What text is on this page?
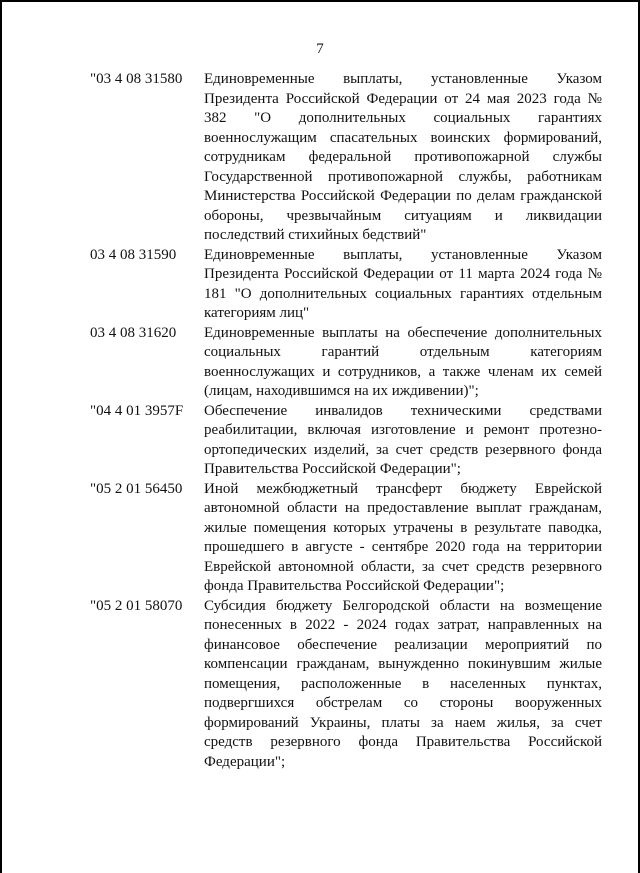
7
"03 4 08 31580	Единовременные выплаты, установленные Указом Президента Российской Федерации от 24 мая 2023 года № 382 "О дополнительных социальных гарантиях военнослужащим спасательных воинских формирований, сотрудникам федеральной противопожарной службы Государственной противопожарной службы, работникам Министерства Российской Федерации по делам гражданской обороны, чрезвычайным ситуациям и ликвидации последствий стихийных бедствий"
03 4 08 31590	Единовременные выплаты, установленные Указом Президента Российской Федерации от 11 марта 2024 года № 181 "О дополнительных социальных гарантиях отдельным категориям лиц"
03 4 08 31620	Единовременные выплаты на обеспечение дополнительных социальных гарантий отдельным категориям военнослужащих и сотрудников, а также членам их семей (лицам, находившимся на их иждивении)";
"04 4 01 3957F	Обеспечение инвалидов техническими средствами реабилитации, включая изготовление и ремонт протезно-ортопедических изделий, за счет средств резервного фонда Правительства Российской Федерации";
"05 2 01 56450	Иной межбюджетный трансферт бюджету Еврейской автономной области на предоставление выплат гражданам, жилые помещения которых утрачены в результате паводка, прошедшего в августе - сентябре 2020 года на территории Еврейской автономной области, за счет средств резервного фонда Правительства Российской Федерации";
"05 2 01 58070	Субсидия бюджету Белгородской области на возмещение понесенных в 2022 - 2024 годах затрат, направленных на финансовое обеспечение реализации мероприятий по компенсации гражданам, вынужденно покинувшим жилые помещения, расположенные в населенных пунктах, подвергшихся обстрелам со стороны вооруженных формирований Украины, платы за наем жилья, за счет средств резервного фонда Правительства Российской Федерации";
